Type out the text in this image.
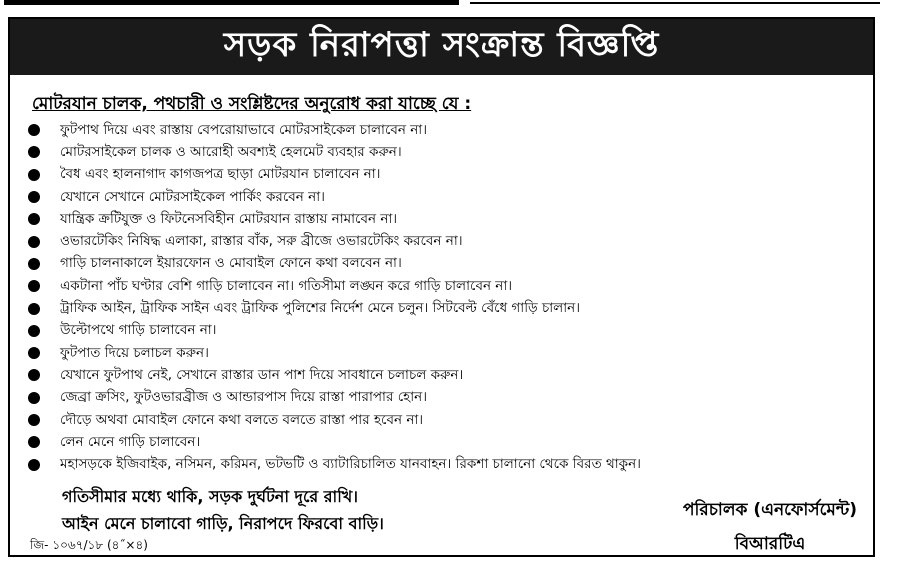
সড়ক নিরাপত্তা সংক্রান্ত বিজ্ঞপ্তি
মোটরযান চালক, পথচারী ও সংশ্লিষ্টদের অনুরোধ করা যাচ্ছে যে :
ফুটপাথ দিয়ে এবং রাস্তায় বেপরোয়াভাবে মোটরসাইকেল চালাবেন না।
মোটরসাইকেল চালক ও আরোহী অবশ্যই হেলমেট ব্যবহার করুন।
বৈধ এবং হালনাগাদ কাগজপত্র ছাড়া মোটরযান চালাবেন না।
যেখানে সেখানে মোটরসাইকেল পার্কিং করবেন না।
যান্ত্রিক ক্রটিযুক্ত ও ফিটনেসবিহীন মোটরযান রাস্তায় নামাবেন না।
ওভারটেকিং নিষিদ্ধ এলাকা, রাস্তার বাঁক, সরু ব্রীজে ওভারটেকিং করবেন না।
গাড়ি চালনাকালে ইয়ারফোন ও মোবাইল ফোনে কথা বলবেন না।
একটানা পাঁচ ঘণ্টার বেশি গাড়ি চালাবেন না। গতিসীমা লঙ্ঘন করে গাড়ি চালাবেন না।
ট্রাফিক আইন, ট্রাফিক সাইন এবং ট্রাফিক পুলিশের নির্দেশ মেনে চলুন। সিটবেল্ট বেঁধে গাড়ি চালান।
উল্টোপথে গাড়ি চালাবেন না।
ফুটপাত দিয়ে চলাচল করুন।
যেখানে ফুটপাথ নেই, সেখানে রাস্তার ডান পাশ দিয়ে সাবধানে চলাচল করুন।
জেব্রা ক্রসিং, ফুটওভারব্রীজ ও আন্ডারপাস দিয়ে রাস্তা পারাপার হোন।
দৌড়ে অথবা মোবাইল ফোনে কথা বলতে বলতে রাস্তা পার হবেন না।
লেন মেনে গাড়ি চালাবেন।
মহাসড়কে ইজিবাইক, নসিমন, করিমন, ভটভটি ও ব্যাটারিচালিত যানবাহন। রিকশা চালানো থেকে বিরত থাকুন।
গতিসীমার মধ্যে থাকি, সড়ক দুর্ঘটনা দূরে রাখি।
আইন মেনে চালাবো গাড়ি, নিরাপদে ফিরবো বাড়ি।
পরিচালক (এনফোর্সমেন্ট)
বিআরটিএ
জি- ১০৬৭/১৮ (৪˝×৪)
